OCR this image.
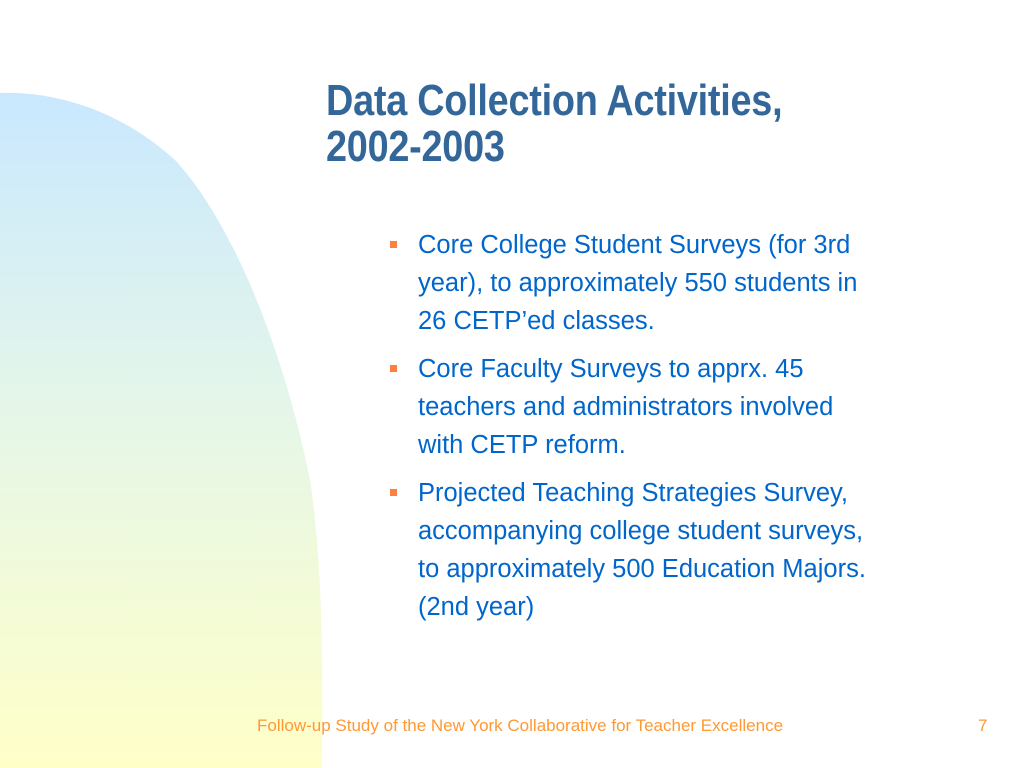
Data Collection Activities,
2002-2003
Core College Student Surveys (for 3rd
year), to approximately 550 students in
26 CETP’ed classes.
Core Faculty Surveys to apprx. 45
teachers and administrators involved
with CETP reform.
Projected Teaching Strategies Survey,
accompanying college student surveys,
to approximately 500 Education Majors.
(2nd year)
Follow-up Study of the New York Collaborative for Teacher Excellence	7
